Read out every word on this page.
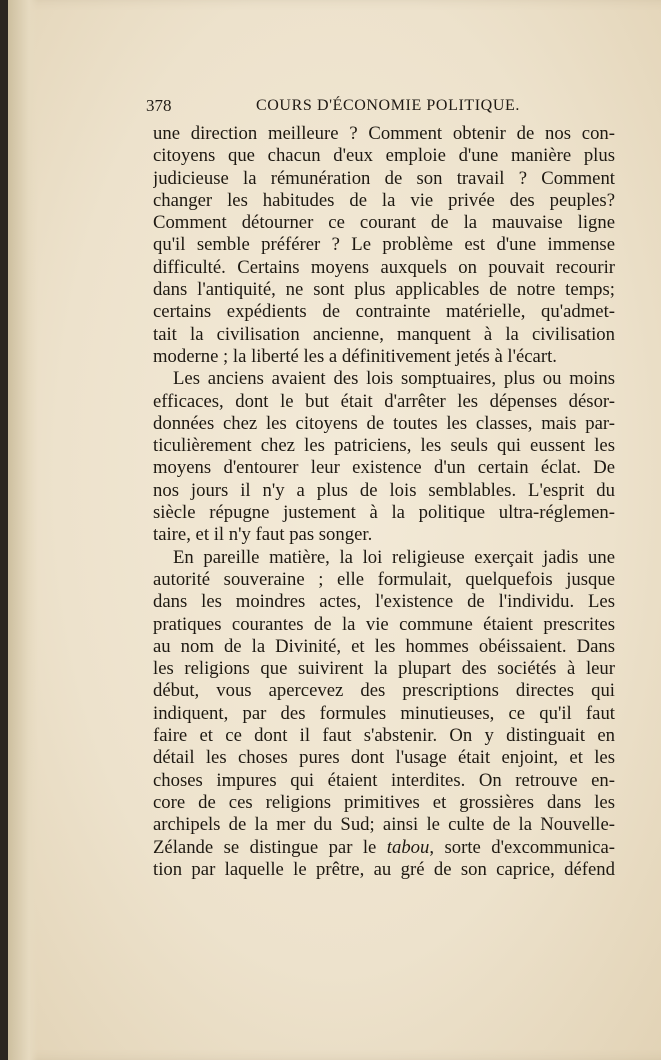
378	COURS D'ÉCONOMIE POLITIQUE.
une direction meilleure ? Comment obtenir de nos con-
citoyens que chacun d'eux emploie d'une manière plus
judicieuse la rémunération de son travail ? Comment
changer les habitudes de la vie privée des peuples?
Comment détourner ce courant de la mauvaise ligne
qu'il semble préférer ? Le problème est d'une immense
difficulté. Certains moyens auxquels on pouvait recourir
dans l'antiquité, ne sont plus applicables de notre temps;
certains expédients de contrainte matérielle, qu'admet-
tait la civilisation ancienne, manquent à la civilisation
moderne ; la liberté les a définitivement jetés à l'écart.
Les anciens avaient des lois somptuaires, plus ou moins
efficaces, dont le but était d'arrêter les dépenses désor-
données chez les citoyens de toutes les classes, mais par-
ticulièrement chez les patriciens, les seuls qui eussent les
moyens d'entourer leur existence d'un certain éclat. De
nos jours il n'y a plus de lois semblables. L'esprit du
siècle répugne justement à la politique ultra-réglemen-
taire, et il n'y faut pas songer.
En pareille matière, la loi religieuse exerçait jadis une
autorité souveraine ; elle formulait, quelquefois jusque
dans les moindres actes, l'existence de l'individu. Les
pratiques courantes de la vie commune étaient prescrites
au nom de la Divinité, et les hommes obéissaient. Dans
les religions que suivirent la plupart des sociétés à leur
début, vous apercevez des prescriptions directes qui
indiquent, par des formules minutieuses, ce qu'il faut
faire et ce dont il faut s'abstenir. On y distinguait en
détail les choses pures dont l'usage était enjoint, et les
choses impures qui étaient interdites. On retrouve en-
core de ces religions primitives et grossières dans les
archipels de la mer du Sud; ainsi le culte de la Nouvelle-
Zélande se distingue par le tabou, sorte d'excommunica-
tion par laquelle le prêtre, au gré de son caprice, défend
